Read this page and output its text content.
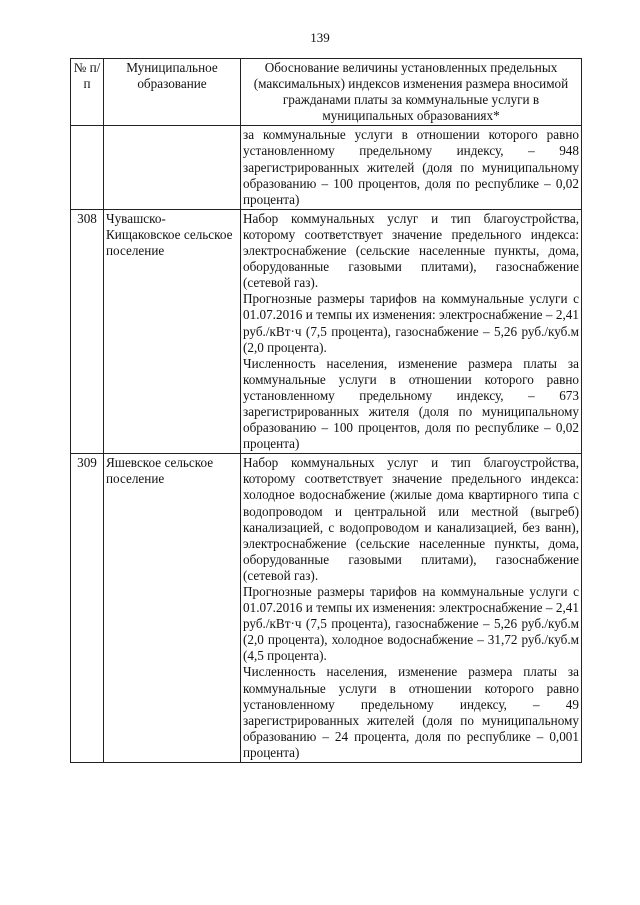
139
№ п/п	Муниципальное образование	Обоснование величины установленных предельных (максимальных) индексов изменения размера вносимой гражданами платы за коммунальные услуги в муниципальных образованиях*

		за коммунальные услуги в отношении которого равно установленному предельному индексу, – 948 зарегистрированных жителей (доля по муниципальному образованию – 100 процентов, доля по республике – 0,02 процента)

308	Чувашско-Кищаковское сельское поселение	Набор коммунальных услуг и тип благоустройства, которому соответствует значение предельного индекса: электроснабжение (сельские населенные пункты, дома, оборудованные газовыми плитами), газоснабжение (сетевой газ).

Прогнозные размеры тарифов на коммунальные услуги с 01.07.2016 и темпы их изменения: электроснабжение – 2,41 руб./кВт·ч (7,5 процента), газоснабжение – 5,26 руб./куб.м (2,0 процента).

Численность населения, изменение размера платы за коммунальные услуги в отношении которого равно установленному предельному индексу, – 673 зарегистрированных жителя (доля по муниципальному образованию – 100 процентов, доля по республике – 0,02 процента)

309	Яшевское сельское поселение	Набор коммунальных услуг и тип благоустройства, которому соответствует значение предельного индекса: холодное водоснабжение (жилые дома квартирного типа с водопроводом и центральной или местной (выгреб) канализацией, с водопроводом и канализацией, без ванн), электроснабжение (сельские населенные пункты, дома, оборудованные газовыми плитами), газоснабжение (сетевой газ).

Прогнозные размеры тарифов на коммунальные услуги с 01.07.2016 и темпы их изменения: электроснабжение – 2,41 руб./кВт·ч (7,5 процента), газоснабжение – 5,26 руб./куб.м (2,0 процента), холодное водоснабжение – 31,72 руб./куб.м (4,5 процента).

Численность населения, изменение размера платы за коммунальные услуги в отношении которого равно установленному предельному индексу, – 49 зарегистрированных жителей (доля по муниципальному образованию – 24 процента, доля по республике – 0,001 процента)
